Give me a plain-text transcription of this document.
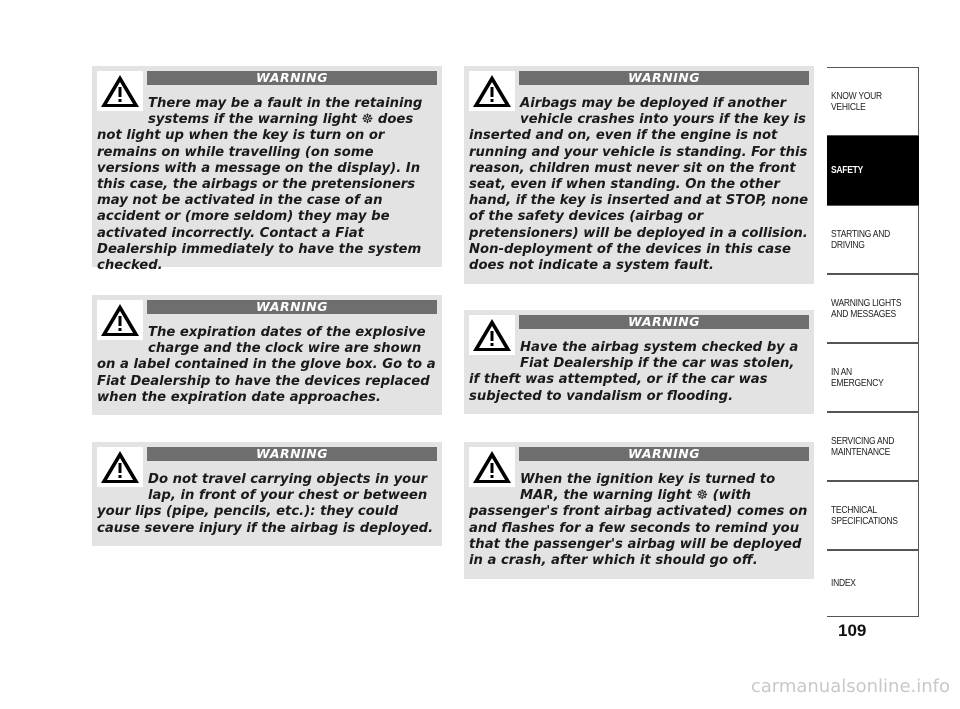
WARNING

There may be a fault in the retaining systems if the warning light ☸ does not light up when the key is turn on or remains on while travelling (on some versions with a message on the display). In this case, the airbags or the pretensioners may not be activated in the case of an accident or (more seldom) they may be activated incorrectly. Contact a Fiat Dealership immediately to have the system checked.

WARNING

The expiration dates of the explosive charge and the clock wire are shown on a label contained in the glove box. Go to a Fiat Dealership to have the devices replaced when the expiration date approaches.

WARNING

Do not travel carrying objects in your lap, in front of your chest or between your lips (pipe, pencils, etc.): they could cause severe injury if the airbag is deployed.

WARNING

Airbags may be deployed if another vehicle crashes into yours if the key is inserted and on, even if the engine is not running and your vehicle is standing. For this reason, children must never sit on the front seat, even if when standing. On the other hand, if the key is inserted and at STOP, none of the safety devices (airbag or pretensioners) will be deployed in a collision. Non-deployment of the devices in this case does not indicate a system fault.

WARNING

Have the airbag system checked by a Fiat Dealership if the car was stolen, if theft was attempted, or if the car was subjected to vandalism or flooding.

WARNING

When the ignition key is turned to MAR, the warning light ☸ (with passenger's front airbag activated) comes on and flashes for a few seconds to remind you that the passenger's airbag will be deployed in a crash, after which it should go off.

KNOW YOUR VEHICLE
SAFETY
STARTING AND DRIVING
WARNING LIGHTS AND MESSAGES
IN AN EMERGENCY
SERVICING AND MAINTENANCE
TECHNICAL SPECIFICATIONS
INDEX
109
carmanualsonline.info
